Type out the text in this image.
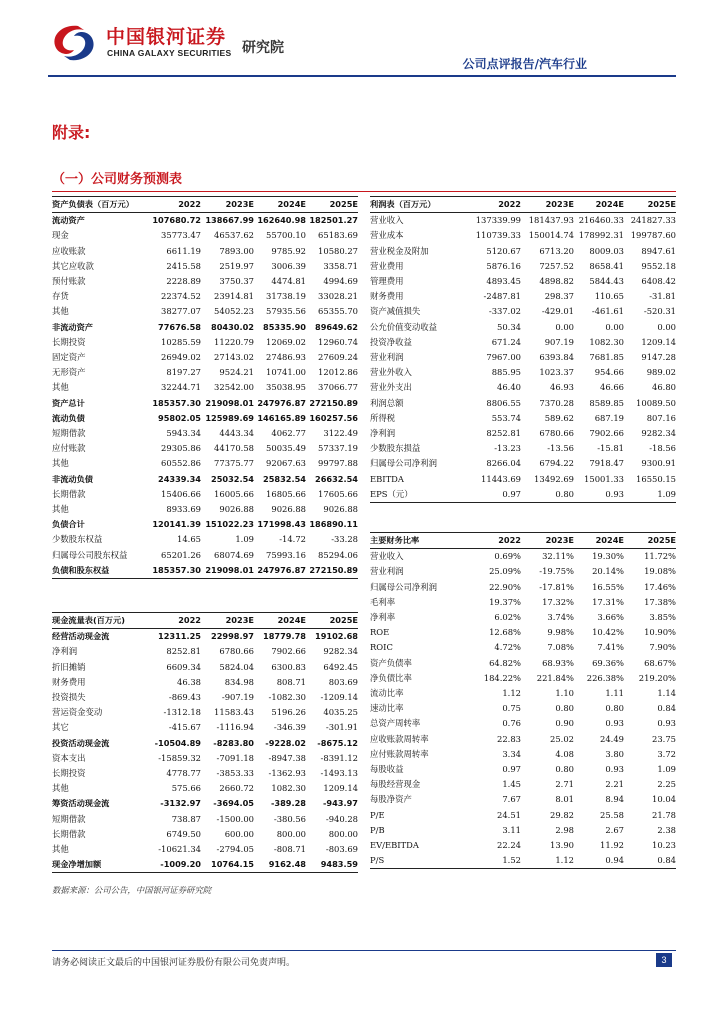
中国银河证券
CHINA GALAXY SECURITIES 研究院
公司点评报告/汽车行业
附录:
（一）公司财务预测表
资产负债表（百万元）	2022	2023E	2024E	2025E
流动资产	107680.72	138667.99	162640.98	182501.27
现金	35773.47	46537.62	55700.10	65183.69
应收账款	6611.19	7893.00	9785.92	10580.27
其它应收款	2415.58	2519.97	3006.39	3358.71
预付账款	2228.89	3750.37	4474.81	4994.69
存货	22374.52	23914.81	31738.19	33028.21
其他	38277.07	54052.23	57935.56	65355.70
非流动资产	77676.58	80430.02	85335.90	89649.62
长期投资	10285.59	11220.79	12069.02	12960.74
固定资产	26949.02	27143.02	27486.93	27609.24
无形资产	8197.27	9524.21	10741.00	12012.86
其他	32244.71	32542.00	35038.95	37066.77
资产总计	185357.30	219098.01	247976.87	272150.89
流动负债	95802.05	125989.69	146165.89	160257.56
短期借款	5943.34	4443.34	4062.77	3122.49
应付账款	29305.86	44170.58	50035.49	57337.19
其他	60552.86	77375.77	92067.63	99797.88
非流动负债	24339.34	25032.54	25832.54	26632.54
长期借款	15406.66	16005.66	16805.66	17605.66
其他	8933.69	9026.88	9026.88	9026.88
负债合计	120141.39	151022.23	171998.43	186890.11
少数股东权益	14.65	1.09	-14.72	-33.28
归属母公司股东权益	65201.26	68074.69	75993.16	85294.06
负债和股东权益	185357.30	219098.01	247976.87	272150.89
利润表（百万元）	2022	2023E	2024E	2025E
营业收入	137339.99	181437.93	216460.33	241827.33
营业成本	110739.33	150014.74	178992.31	199787.60
营业税金及附加	5120.67	6713.20	8009.03	8947.61
营业费用	5876.16	7257.52	8658.41	9552.18
管理费用	4893.45	4898.82	5844.43	6408.42
财务费用	-2487.81	298.37	110.65	-31.81
资产减值损失	-337.02	-429.01	-461.61	-520.31
公允价值变动收益	50.34	0.00	0.00	0.00
投资净收益	671.24	907.19	1082.30	1209.14
营业利润	7967.00	6393.84	7681.85	9147.28
营业外收入	885.95	1023.37	954.66	989.02
营业外支出	46.40	46.93	46.66	46.80
利润总额	8806.55	7370.28	8589.85	10089.50
所得税	553.74	589.62	687.19	807.16
净利润	8252.81	6780.66	7902.66	9282.34
少数股东损益	-13.23	-13.56	-15.81	-18.56
归属母公司净利润	8266.04	6794.22	7918.47	9300.91
EBITDA	11443.69	13492.69	15001.33	16550.15
EPS（元）	0.97	0.80	0.93	1.09
现金流量表(百万元)	2022	2023E	2024E	2025E
经营活动现金流	12311.25	22998.97	18779.78	19102.68
净利润	8252.81	6780.66	7902.66	9282.34
折旧摊销	6609.34	5824.04	6300.83	6492.45
财务费用	46.38	834.98	808.71	803.69
投资损失	-869.43	-907.19	-1082.30	-1209.14
营运资金变动	-1312.18	11583.43	5196.26	4035.25
其它	-415.67	-1116.94	-346.39	-301.91
投资活动现金流	-10504.89	-8283.80	-9228.02	-8675.12
资本支出	-15859.32	-7091.18	-8947.38	-8391.12
长期投资	4778.77	-3853.33	-1362.93	-1493.13
其他	575.66	2660.72	1082.30	1209.14
筹资活动现金流	-3132.97	-3694.05	-389.28	-943.97
短期借款	738.87	-1500.00	-380.56	-940.28
长期借款	6749.50	600.00	800.00	800.00
其他	-10621.34	-2794.05	-808.71	-803.69
现金净增加额	-1009.20	10764.15	9162.48	9483.59
主要财务比率	2022	2023E	2024E	2025E
营业收入	0.69%	32.11%	19.30%	11.72%
营业利润	25.09%	-19.75%	20.14%	19.08%
归属母公司净利润	22.90%	-17.81%	16.55%	17.46%
毛利率	19.37%	17.32%	17.31%	17.38%
净利率	6.02%	3.74%	3.66%	3.85%
ROE	12.68%	9.98%	10.42%	10.90%
ROIC	4.72%	7.08%	7.41%	7.90%
资产负债率	64.82%	68.93%	69.36%	68.67%
净负债比率	184.22%	221.84%	226.38%	219.20%
流动比率	1.12	1.10	1.11	1.14
速动比率	0.75	0.80	0.80	0.84
总资产周转率	0.76	0.90	0.93	0.93
应收账款周转率	22.83	25.02	24.49	23.75
应付账款周转率	3.34	4.08	3.80	3.72
每股收益	0.97	0.80	0.93	1.09
每股经营现金	1.45	2.71	2.21	2.25
每股净资产	7.67	8.01	8.94	10.04
P/E	24.51	29.82	25.58	21.78
P/B	3.11	2.98	2.67	2.38
EV/EBITDA	22.24	13.90	11.92	10.23
P/S	1.52	1.12	0.94	0.84
数据来源：公司公告，中国银河证券研究院
请务必阅读正文最后的中国银河证券股份有限公司免责声明。	3
